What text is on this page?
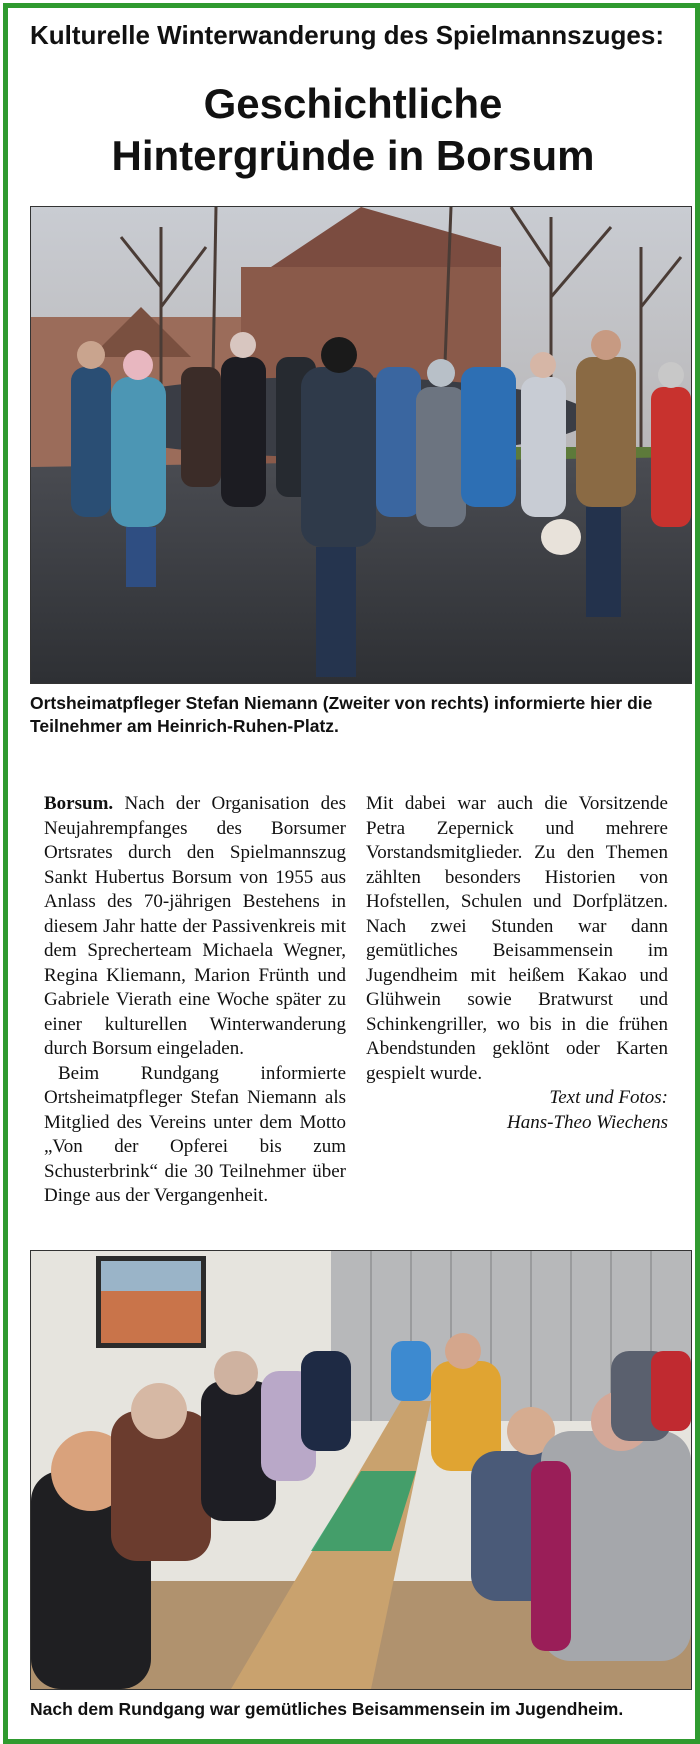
Kulturelle Winterwanderung des Spielmannszuges:
Geschichtliche
Hintergründe in Borsum
Ortsheimatpfleger Stefan Niemann (Zweiter von rechts) informierte hier die Teilnehmer am Heinrich-Ruhen-Platz.

Borsum. Nach der Organisation des Neujahrempfanges des Borsumer Ortsrates durch den Spielmannszug Sankt Hubertus Borsum von 1955 aus Anlass des 70-jährigen Bestehens in diesem Jahr hatte der Passivenkreis mit dem Sprecherteam Michaela Wegner, Regina Kliemann, Marion Frünth und Gabriele Vierath eine Woche später zu einer kulturellen Winterwanderung durch Borsum eingeladen.

Beim Rundgang informierte Ortsheimatpfleger Stefan Niemann als Mitglied des Vereins unter dem Motto „Von der Opferei bis zum Schusterbrink“ die 30 Teilnehmer über Dinge aus der Vergangenheit.

Mit dabei war auch die Vorsitzende Petra Zepernick und mehrere Vorstandsmitglieder. Zu den Themen zählten besonders Historien von Hofstellen, Schulen und Dorfplätzen. Nach zwei Stunden war dann gemütliches Beisammensein im Jugendheim mit heißem Kakao und Glühwein sowie Bratwurst und Schinkengriller, wo bis in die frühen Abendstunden geklönt oder Karten gespielt wurde.

Text und Fotos:

Hans-Theo Wiechens

Nach dem Rundgang war gemütliches Beisammensein im Jugendheim.
